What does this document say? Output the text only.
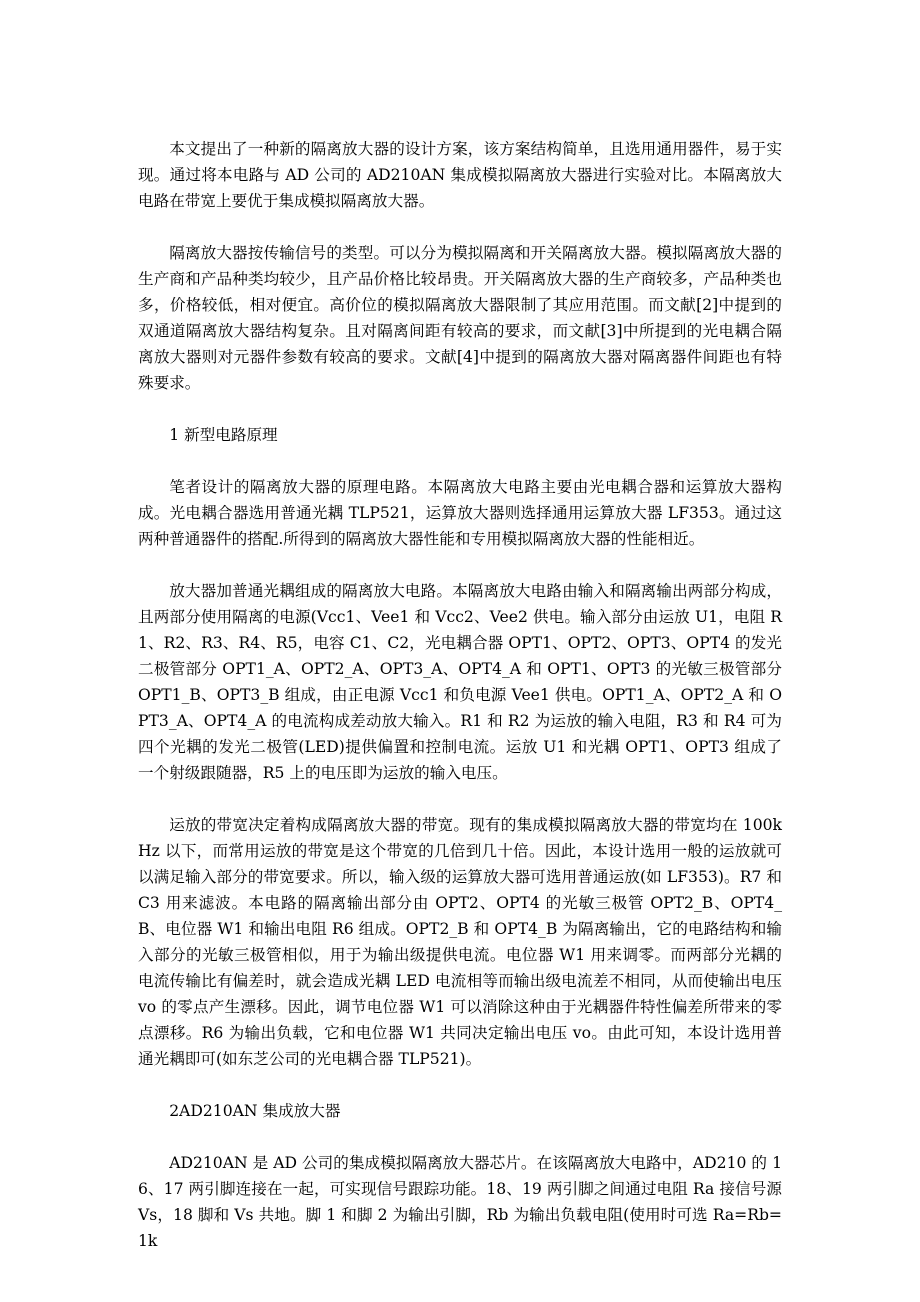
本文提出了一种新的隔离放大器的设计方案，该方案结构简单，且选用通用器件，易于实现。通过将本电路与 AD 公司的 AD210AN 集成模拟隔离放大器进行实验对比。本隔离放大电路在带宽上要优于集成模拟隔离放大器。

隔离放大器按传输信号的类型。可以分为模拟隔离和开关隔离放大器。模拟隔离放大器的生产商和产品种类均较少，且产品价格比较昂贵。开关隔离放大器的生产商较多，产品种类也多，价格较低，相对便宜。高价位的模拟隔离放大器限制了其应用范围。而文献[2]中提到的双通道隔离放大器结构复杂。且对隔离间距有较高的要求，而文献[3]中所提到的光电耦合隔离放大器则对元器件参数有较高的要求。文献[4]中提到的隔离放大器对隔离器件间距也有特殊要求。

1 新型电路原理

笔者设计的隔离放大器的原理电路。本隔离放大电路主要由光电耦合器和运算放大器构成。光电耦合器选用普通光耦 TLP521，运算放大器则选择通用运算放大器 LF353。通过这两种普通器件的搭配.所得到的隔离放大器性能和专用模拟隔离放大器的性能相近。

放大器加普通光耦组成的隔离放大电路。本隔离放大电路由输入和隔离输出两部分构成，且两部分使用隔离的电源(Vcc1、Vee1 和 Vcc2、Vee2 供电。输入部分由运放 U1，电阻 R1、R2、R3、R4、R5，电容 C1、C2，光电耦合器 OPT1、OPT2、OPT3、OPT4 的发光二极管部分 OPT1_A、OPT2_A、OPT3_A、OPT4_A 和 OPT1、OPT3 的光敏三极管部分 OPT1_B、OPT3_B 组成，由正电源 Vcc1 和负电源 Vee1 供电。OPT1_A、OPT2_A 和 OPT3_A、OPT4_A 的电流构成差动放大输入。R1 和 R2 为运放的输入电阻，R3 和 R4 可为四个光耦的发光二极管(LED)提供偏置和控制电流。运放 U1 和光耦 OPT1、OPT3 组成了一个射级跟随器，R5 上的电压即为运放的输入电压。

运放的带宽决定着构成隔离放大器的带宽。现有的集成模拟隔离放大器的带宽均在 100kHz 以下，而常用运放的带宽是这个带宽的几倍到几十倍。因此，本设计选用一般的运放就可以满足输入部分的带宽要求。所以，输入级的运算放大器可选用普通运放(如 LF353)。R7 和 C3 用来滤波。本电路的隔离输出部分由 OPT2、OPT4 的光敏三极管 OPT2_B、OPT4_B、电位器 W1 和输出电阻 R6 组成。OPT2_B 和 OPT4_B 为隔离输出，它的电路结构和输入部分的光敏三极管相似，用于为输出级提供电流。电位器 W1 用来调零。而两部分光耦的电流传输比有偏差时，就会造成光耦 LED 电流相等而输出级电流差不相同，从而使输出电压 vo 的零点产生漂移。因此，调节电位器 W1 可以消除这种由于光耦器件特性偏差所带来的零点漂移。R6 为输出负载，它和电位器 W1 共同决定输出电压 vo。由此可知，本设计选用普通光耦即可(如东芝公司的光电耦合器 TLP521)。

2AD210AN 集成放大器

AD210AN 是 AD 公司的集成模拟隔离放大器芯片。在该隔离放大电路中，AD210 的 16、17 两引脚连接在一起，可实现信号跟踪功能。18、19 两引脚之间通过电阻 Ra 接信号源 Vs，18 脚和 Vs 共地。脚 1 和脚 2 为输出引脚，Rb 为输出负载电阻(使用时可选 Ra=Rb=1k
